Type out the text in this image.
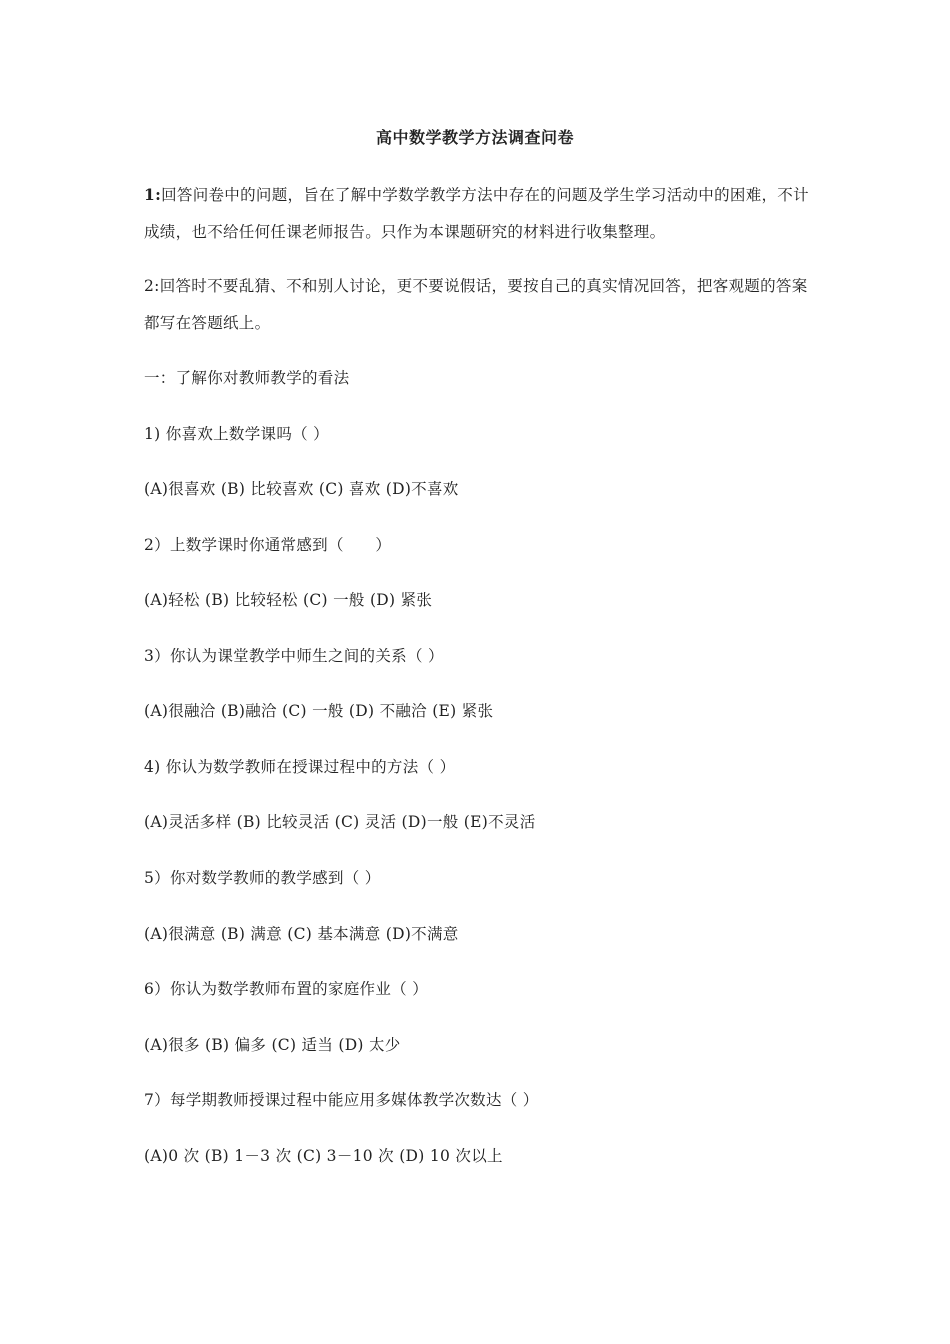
高中数学教学方法调查问卷
1:回答问卷中的问题，旨在了解中学数学教学方法中存在的问题及学生学习活动中的困难，不计成绩，也不给任何任课老师报告。只作为本课题研究的材料进行收集整理。
2:回答时不要乱猜、不和别人讨论，更不要说假话，要按自己的真实情况回答，把客观题的答案都写在答题纸上。
一：了解你对教师教学的看法
1) 你喜欢上数学课吗（ ）
(A)很喜欢 (B) 比较喜欢 (C) 喜欢 (D)不喜欢
2）上数学课时你通常感到（　　）
(A)轻松 (B) 比较轻松 (C) 一般 (D) 紧张
3）你认为课堂教学中师生之间的关系（ ）
(A)很融洽 (B)融洽 (C) 一般 (D) 不融洽 (E) 紧张
4) 你认为数学教师在授课过程中的方法（ ）
(A)灵活多样 (B) 比较灵活 (C) 灵活 (D)一般 (E)不灵活
5）你对数学教师的教学感到（ ）
(A)很满意 (B) 满意 (C) 基本满意 (D)不满意
6）你认为数学教师布置的家庭作业（ ）
(A)很多 (B) 偏多 (C) 适当 (D) 太少
7）每学期教师授课过程中能应用多媒体教学次数达（ ）
(A)0 次 (B) 1－3 次 (C) 3－10 次 (D) 10 次以上
